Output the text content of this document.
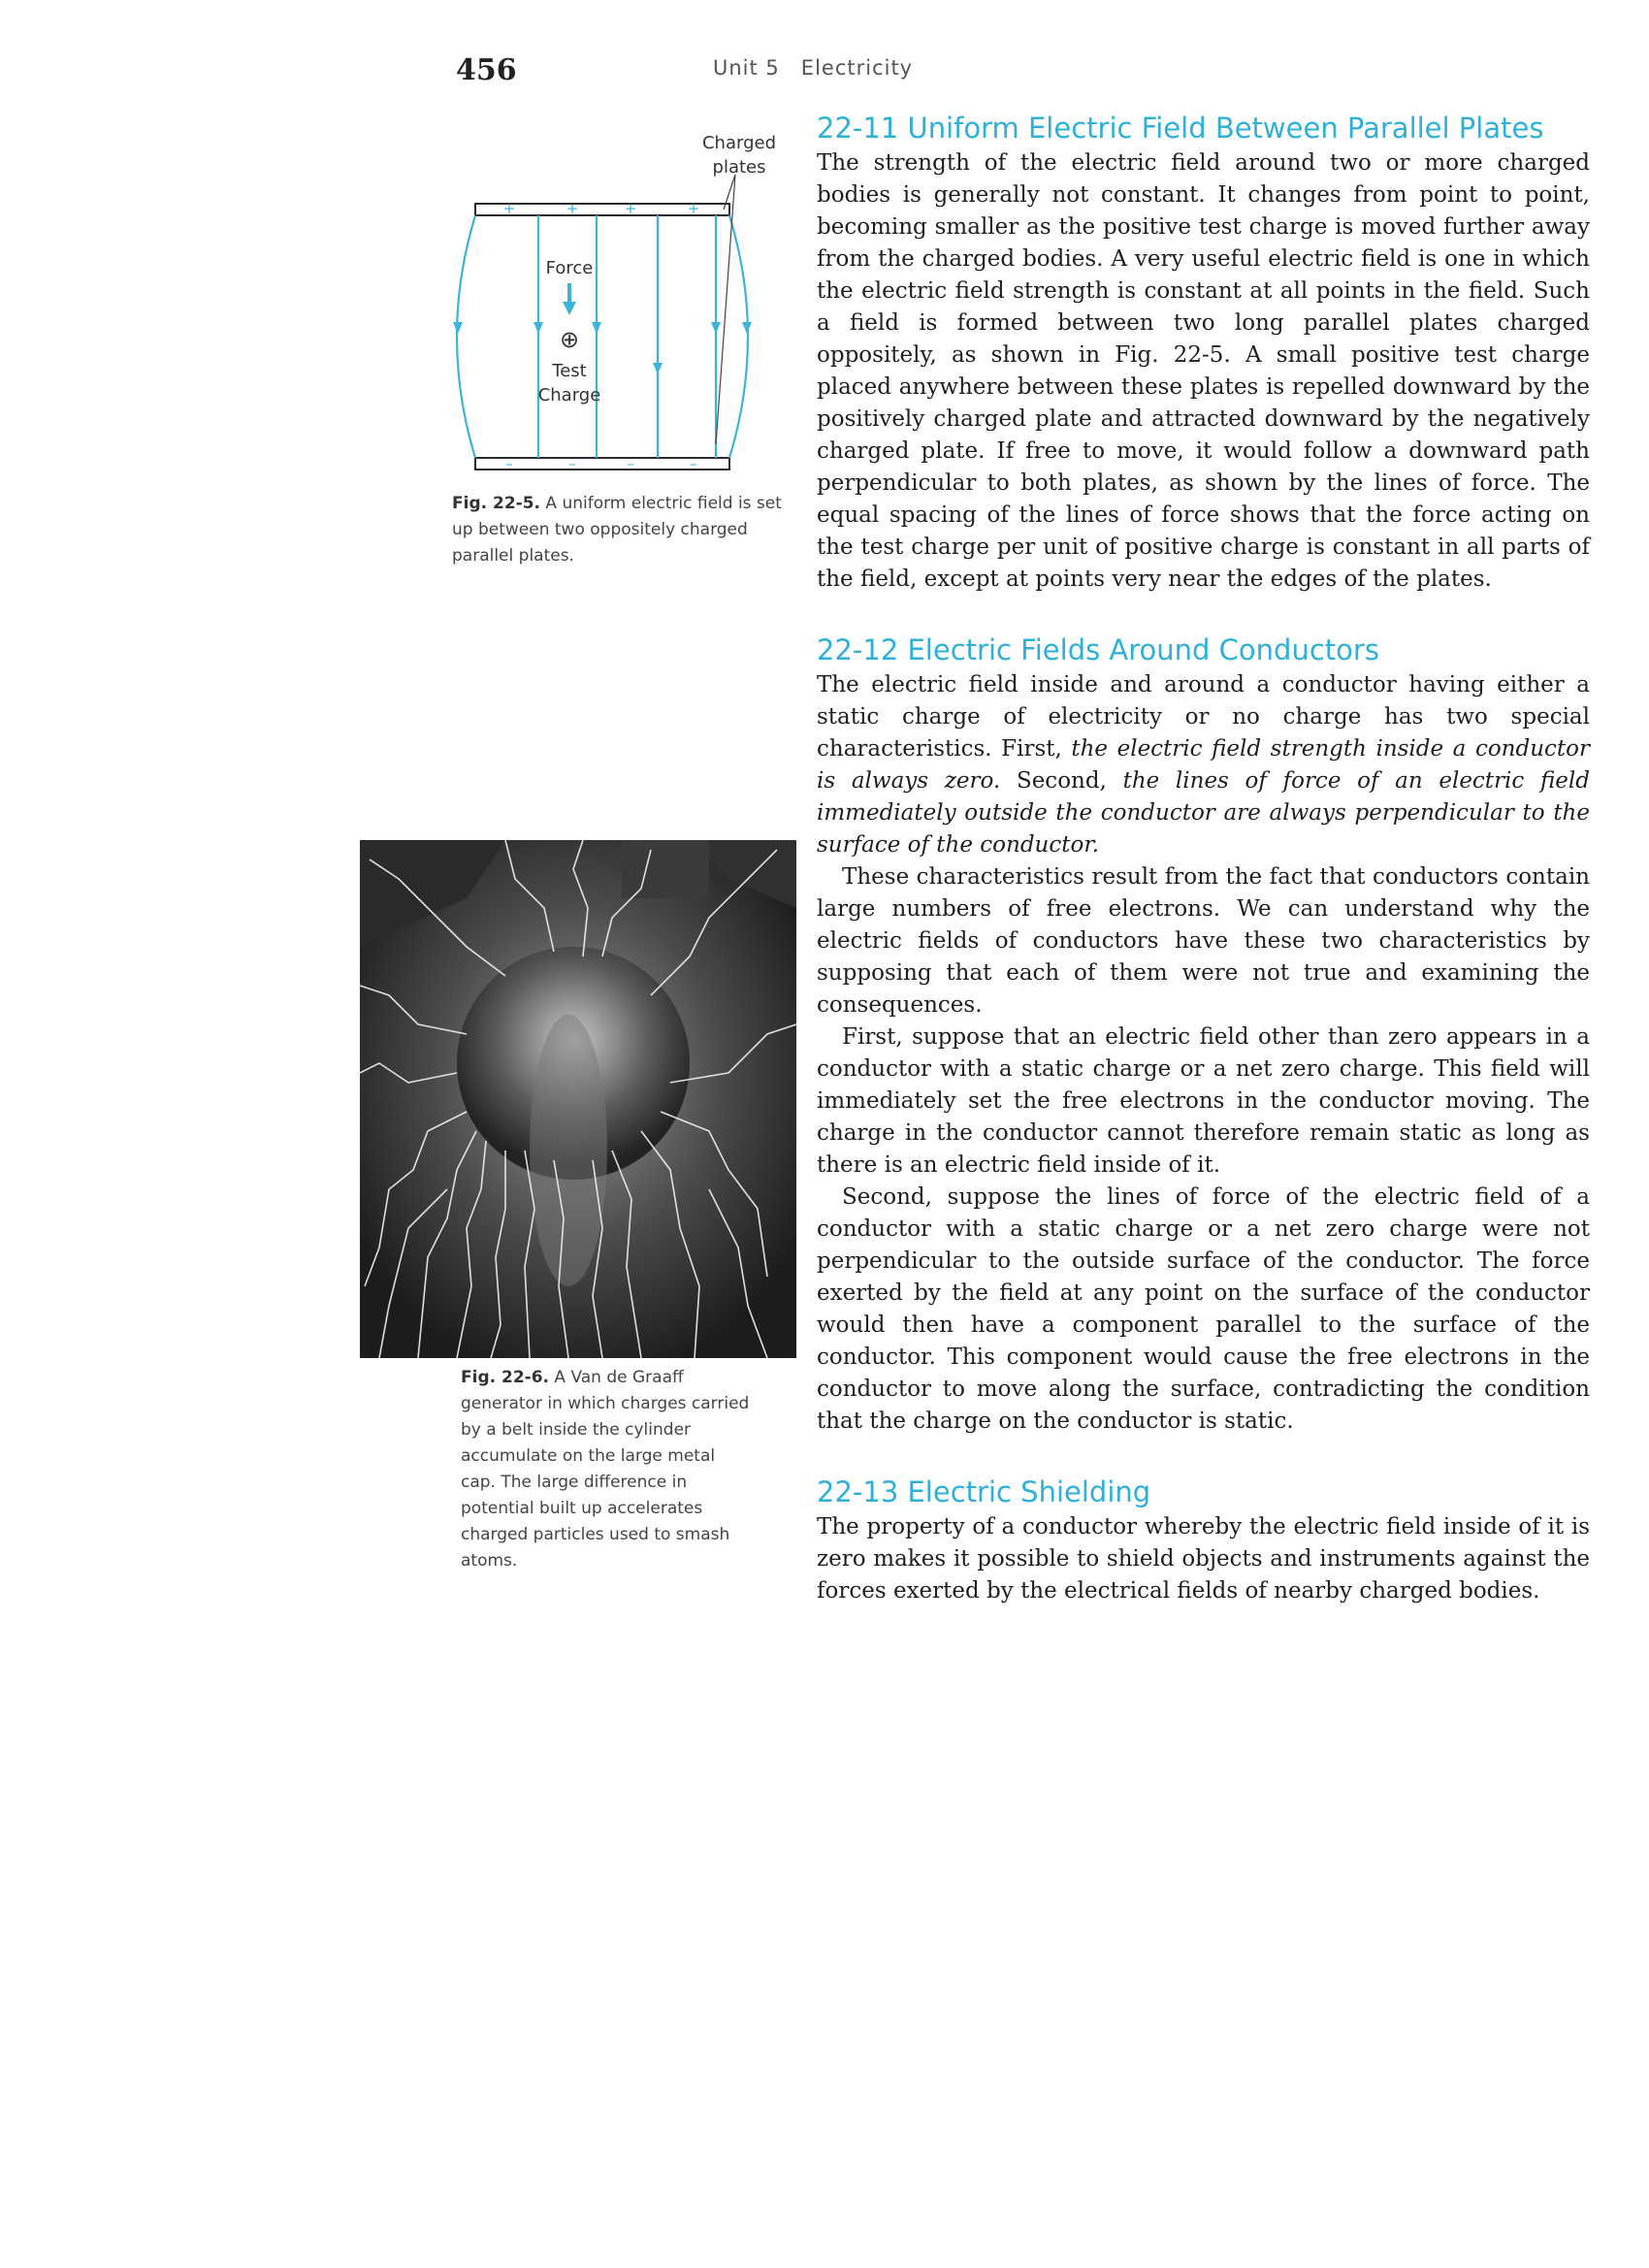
456	Unit 5 Electricity
+	+	+	+
–	–	–	–
Charged
plates
Force
⊕
Test
Charge
Fig. 22-5. A uniform electric field is set up between two oppositely charged parallel plates.
Fig. 22-6. A Van de Graaff generator in which charges carried by a belt inside the cylinder accumulate on the large metal cap. The large difference in potential built up accelerates charged particles used to smash atoms.
22-11 Uniform Electric Field Between Parallel Plates

The strength of the electric field around two or more charged bodies is generally not constant. It changes from point to point, becoming smaller as the positive test charge is moved further away from the charged bodies. A very useful electric field is one in which the electric field strength is constant at all points in the field. Such a field is formed between two long parallel plates charged oppositely, as shown in Fig. 22-5. A small positive test charge placed anywhere between these plates is repelled downward by the positively charged plate and attracted downward by the negatively charged plate. If free to move, it would follow a downward path perpendicular to both plates, as shown by the lines of force. The equal spacing of the lines of force shows that the force acting on the test charge per unit of positive charge is constant in all parts of the field, except at points very near the edges of the plates.

22-12 Electric Fields Around Conductors

The electric field inside and around a conductor having either a static charge of electricity or no charge has two special characteristics. First, the electric field strength inside a conductor is always zero. Second, the lines of force of an electric field immediately outside the conductor are always perpendicular to the surface of the conductor.

These characteristics result from the fact that conductors contain large numbers of free electrons. We can understand why the electric fields of conductors have these two characteristics by supposing that each of them were not true and examining the consequences.

First, suppose that an electric field other than zero appears in a conductor with a static charge or a net zero charge. This field will immediately set the free electrons in the conductor moving. The charge in the conductor cannot therefore remain static as long as there is an electric field inside of it.

Second, suppose the lines of force of the electric field of a conductor with a static charge or a net zero charge were not perpendicular to the outside surface of the conductor. The force exerted by the field at any point on the surface of the conductor would then have a component parallel to the surface of the conductor. This component would cause the free electrons in the conductor to move along the surface, contradicting the condition that the charge on the conductor is static.

22-13 Electric Shielding

The property of a conductor whereby the electric field inside of it is zero makes it possible to shield objects and instruments against the forces exerted by the electrical fields of nearby charged bodies.
